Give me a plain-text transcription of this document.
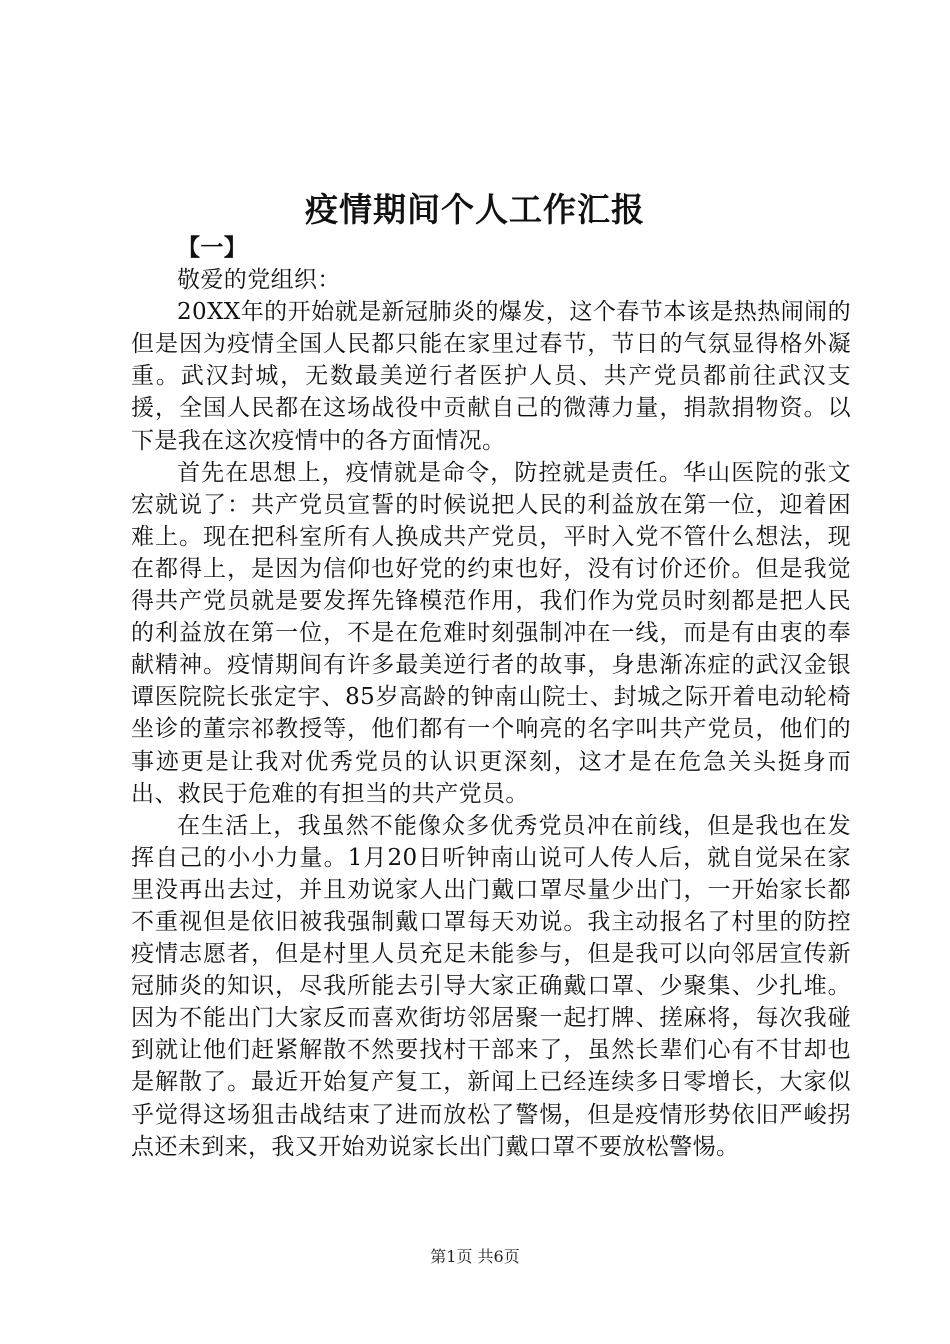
疫情期间个人工作汇报

【一】

敬爱的党组织：

20XX年的开始就是新冠肺炎的爆发，这个春节本该是热热闹闹的但是因为疫情全国人民都只能在家里过春节，节日的气氛显得格外凝重。武汉封城，无数最美逆行者医护人员、共产党员都前往武汉支援，全国人民都在这场战役中贡献自己的微薄力量，捐款捐物资。以下是我在这次疫情中的各方面情况。

首先在思想上，疫情就是命令，防控就是责任。华山医院的张文宏就说了：共产党员宣誓的时候说把人民的利益放在第一位，迎着困难上。现在把科室所有人换成共产党员，平时入党不管什么想法，现在都得上，是因为信仰也好党的约束也好，没有讨价还价。但是我觉得共产党员就是要发挥先锋模范作用，我们作为党员时刻都是把人民的利益放在第一位，不是在危难时刻强制冲在一线，而是有由衷的奉献精神。疫情期间有许多最美逆行者的故事，身患渐冻症的武汉金银谭医院院长张定宇、85岁高龄的钟南山院士、封城之际开着电动轮椅坐诊的董宗祁教授等，他们都有一个响亮的名字叫共产党员，他们的事迹更是让我对优秀党员的认识更深刻，这才是在危急关头挺身而出、救民于危难的有担当的共产党员。

在生活上，我虽然不能像众多优秀党员冲在前线，但是我也在发挥自己的小小力量。1月20日听钟南山说可人传人后，就自觉呆在家里没再出去过，并且劝说家人出门戴口罩尽量少出门，一开始家长都不重视但是依旧被我强制戴口罩每天劝说。我主动报名了村里的防控疫情志愿者，但是村里人员充足未能参与，但是我可以向邻居宣传新冠肺炎的知识，尽我所能去引导大家正确戴口罩、少聚集、少扎堆。因为不能出门大家反而喜欢街坊邻居聚一起打牌、搓麻将，每次我碰到就让他们赶紧解散不然要找村干部来了，虽然长辈们心有不甘却也是解散了。最近开始复产复工，新闻上已经连续多日零增长，大家似乎觉得这场狙击战结束了进而放松了警惕，但是疫情形势依旧严峻拐点还未到来，我又开始劝说家长出门戴口罩不要放松警惕。

第1页 共6页
